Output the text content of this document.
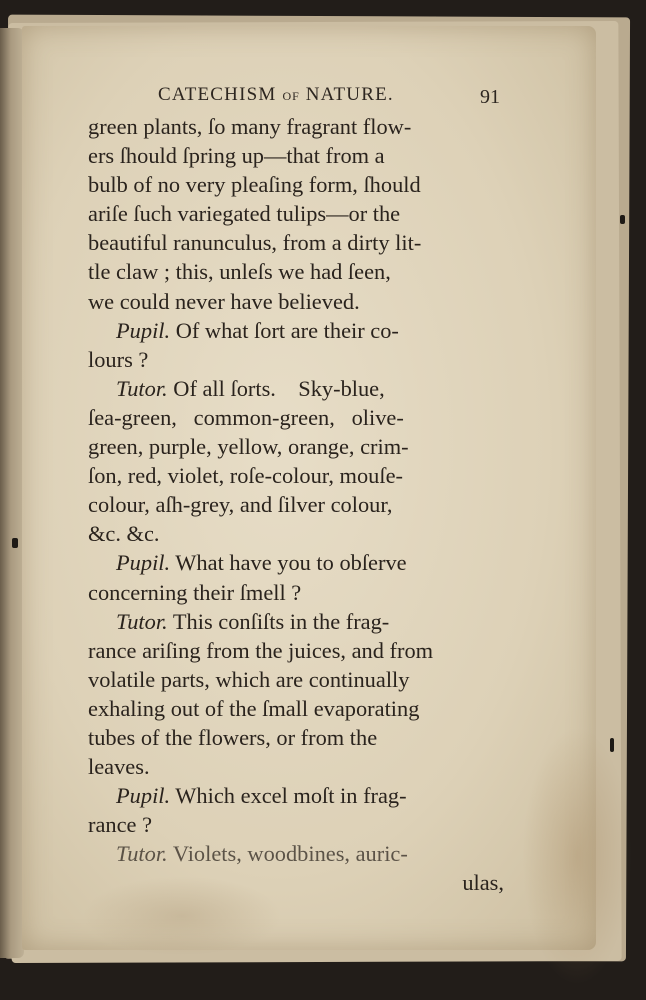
CATECHISM OF NATURE.	91
green plants, ſo many fragrant flow-
ers ſhould ſpring up—that from a
bulb of no very pleaſing form, ſhould
ariſe ſuch variegated tulips—or the
beautiful ranunculus, from a dirty lit-
tle claw ; this, unleſs we had ſeen,
we could never have believed.
Pupil. Of what ſort are their co-
lours ?
Tutor. Of all ſorts.    Sky-blue,
ſea-green,   common-green,   olive-
green, purple, yellow, orange, crim-
ſon, red, violet, roſe-colour, mouſe-
colour, aſh-grey, and ſilver colour,
&c. &c.
Pupil. What have you to obſerve
concerning their ſmell ?
Tutor. This conſiſts in the frag-
rance ariſing from the juices, and from
volatile parts, which are continually
exhaling out of the ſmall evaporating
tubes of the flowers, or from the
leaves.
Pupil. Which excel moſt in frag-
rance ?
Tutor. Violets, woodbines, auric-
ulas,
